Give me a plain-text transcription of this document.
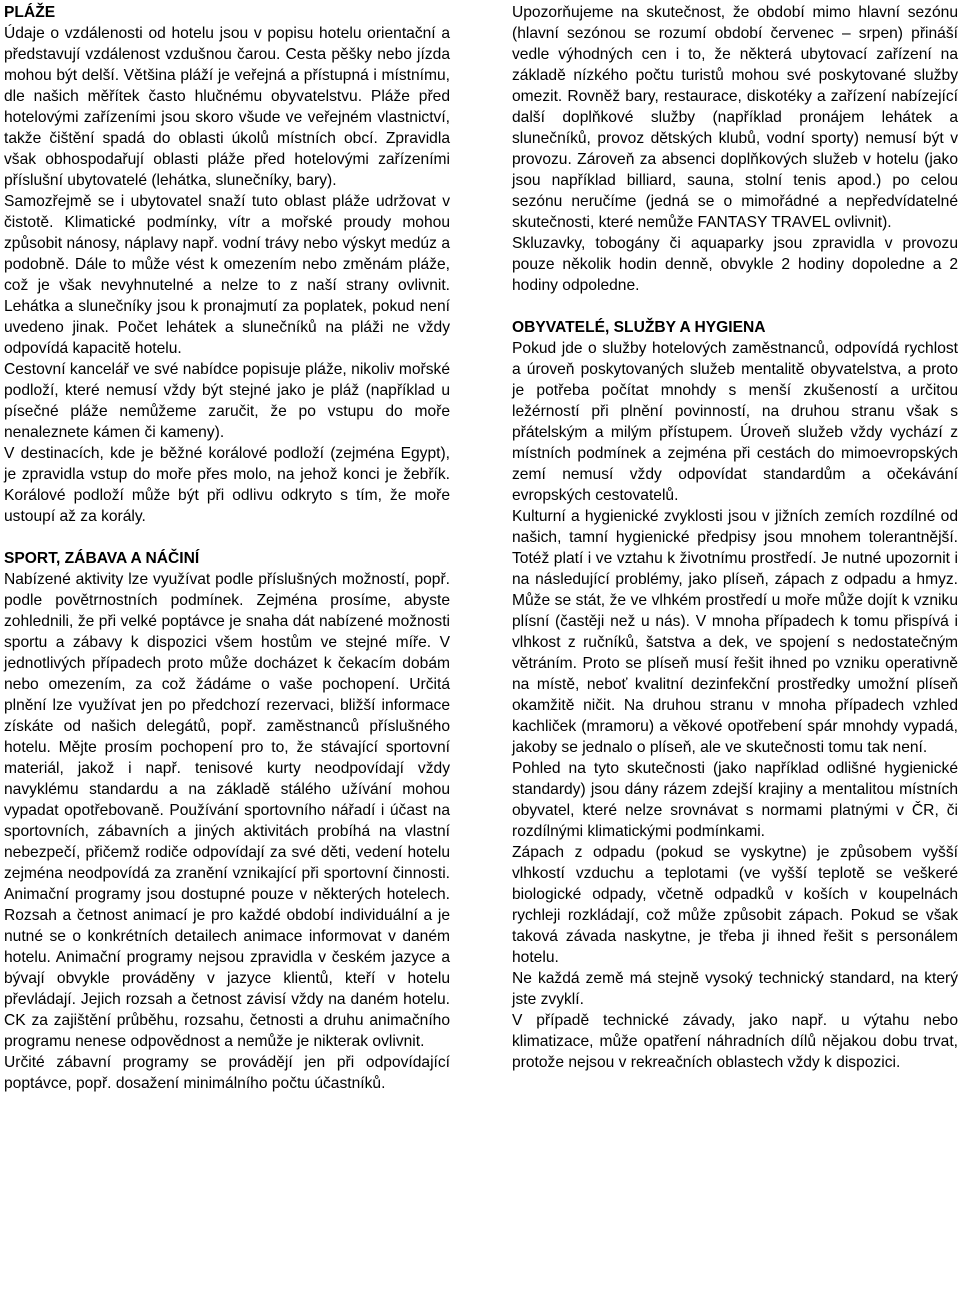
PLÁŽE

Údaje o vzdálenosti od hotelu jsou v popisu hotelu orientační a představují vzdálenost vzdušnou čarou. Cesta pěšky nebo jízda mohou být delší. Většina pláží je veřejná a přístupná i místnímu, dle našich měřítek často hlučnému obyvatelstvu. Pláže před hotelovými zařízeními jsou skoro všude ve veřejném vlastnictví, takže čištění spadá do oblasti úkolů místních obcí. Zpravidla však obhospodařují oblasti pláže před hotelovými zařízeními příslušní ubytovatelé (lehátka, slunečníky, bary).

Samozřejmě se i ubytovatel snaží tuto oblast pláže udržovat v čistotě. Klimatické podmínky, vítr a mořské proudy mohou způsobit nánosy, náplavy např. vodní trávy nebo výskyt medúz a podobně. Dále to může vést k omezením nebo změnám pláže, což je však nevyhnutelné a nelze to z naší strany ovlivnit. Lehátka a slunečníky jsou k pronajmutí za poplatek, pokud není uvedeno jinak. Počet lehátek a slunečníků na pláži ne vždy odpovídá kapacitě hotelu.

Cestovní kancelář ve své nabídce popisuje pláže, nikoliv mořské podloží, které nemusí vždy být stejné jako je pláž (například u písečné pláže nemůžeme zaručit, že po vstupu do moře nenaleznete kámen či kameny).

V destinacích, kde je běžné korálové podloží (zejména Egypt), je zpravidla vstup do moře přes molo, na jehož konci je žebřík. Korálové podloží může být při odlivu odkryto s tím, že moře ustoupí až za korály.

SPORT, ZÁBAVA A NÁČINÍ

Nabízené aktivity lze využívat podle příslušných možností, popř. podle povětrnostních podmínek. Zejména prosíme, abyste zohlednili, že při velké poptávce je snaha dát nabízené možnosti sportu a zábavy k dispozici všem hostům ve stejné míře. V jednotlivých případech proto může docházet k čekacím dobám nebo omezením, za což žádáme o vaše pochopení. Určitá plnění lze využívat jen po předchozí rezervaci, bližší informace získáte od našich delegátů, popř. zaměstnanců příslušného hotelu. Mějte prosím pochopení pro to, že stávající sportovní materiál, jakož i např. tenisové kurty neodpovídají vždy navyklému standardu a na základě stálého užívání mohou vypadat opotřebovaně. Používání sportovního nářadí i účast na sportovních, zábavních a jiných aktivitách probíhá na vlastní nebezpečí, přičemž rodiče odpovídají za své děti, vedení hotelu zejména neodpovídá za zranění vznikající při sportovní činnosti. Animační programy jsou dostupné pouze v některých hotelech. Rozsah a četnost animací je pro každé období individuální a je nutné se o konkrétních detailech animace informovat v daném hotelu. Animační programy nejsou zpravidla v českém jazyce a bývají obvykle prováděny v jazyce klientů, kteří v hotelu převládají. Jejich rozsah a četnost závisí vždy na daném hotelu. CK za zajištění průběhu, rozsahu, četnosti a druhu animačního programu nenese odpovědnost a nemůže je nikterak ovlivnit.

Určité zábavní programy se provádějí jen při odpovídající poptávce, popř. dosažení minimálního počtu účastníků.

Upozorňujeme na skutečnost, že období mimo hlavní sezónu (hlavní sezónou se rozumí období červenec – srpen) přináší vedle výhodných cen i to, že některá ubytovací zařízení na základě nízkého počtu turistů mohou své poskytované služby omezit. Rovněž bary, restaurace, diskotéky a zařízení nabízející další doplňkové služby (například pronájem lehátek a slunečníků, provoz dětských klubů, vodní sporty) nemusí být v provozu. Zároveň za absenci doplňkových služeb v hotelu (jako jsou například billiard, sauna, stolní tenis apod.) po celou sezónu neručíme (jedná se o mimořádné a nepředvídatelné skutečnosti, které nemůže FANTASY TRAVEL ovlivnit).

Skluzavky, tobogány či aquaparky jsou zpravidla v provozu pouze několik hodin denně, obvykle 2 hodiny dopoledne a 2 hodiny odpoledne.

OBYVATELÉ, SLUŽBY A HYGIENA

Pokud jde o služby hotelových zaměstnanců, odpovídá rychlost a úroveň poskytovaných služeb mentalitě obyvatelstva, a proto je potřeba počítat mnohdy s menší zkušeností a určitou ležérností při plnění povinností, na druhou stranu však s přátelským a milým přístupem. Úroveň služeb vždy vychází z místních podmínek a zejména při cestách do mimoevropských zemí nemusí vždy odpovídat standardům a očekávání evropských cestovatelů.

Kulturní a hygienické zvyklosti jsou v jižních zemích rozdílné od našich, tamní hygienické předpisy jsou mnohem tolerantnější. Totéž platí i ve vztahu k životnímu prostředí. Je nutné upozornit i na následující problémy, jako plíseň, zápach z odpadu a hmyz. Může se stát, že ve vlhkém prostředí u moře může dojít k vzniku plísní (častěji než u nás). V mnoha případech k tomu přispívá i vlhkost z ručníků, šatstva a dek, ve spojení s nedostatečným větráním. Proto se plíseň musí řešit ihned po vzniku operativně na místě, neboť kvalitní dezinfekční prostředky umožní plíseň okamžitě ničit. Na druhou stranu v mnoha případech vzhled kachliček (mramoru) a věkové opotřebení spár mnohdy vypadá, jakoby se jednalo o plíseň, ale ve skutečnosti tomu tak není.

Pohled na tyto skutečnosti (jako například odlišné hygienické standardy) jsou dány rázem zdejší krajiny a mentalitou místních obyvatel, které nelze srovnávat s normami platnými v ČR, či rozdílnými klimatickými podmínkami.

Zápach z odpadu (pokud se vyskytne) je způsobem vyšší vlhkostí vzduchu a teplotami (ve vyšší teplotě se veškeré biologické odpady, včetně odpadků v koších v koupelnách rychleji rozkládají, což může způsobit zápach. Pokud se však taková závada naskytne, je třeba ji ihned řešit s personálem hotelu.

Ne každá země má stejně vysoký technický standard, na který jste zvyklí.

V případě technické závady, jako např. u výtahu nebo klimatizace, může opatření náhradních dílů nějakou dobu trvat, protože nejsou v rekreačních oblastech vždy k dispozici.
